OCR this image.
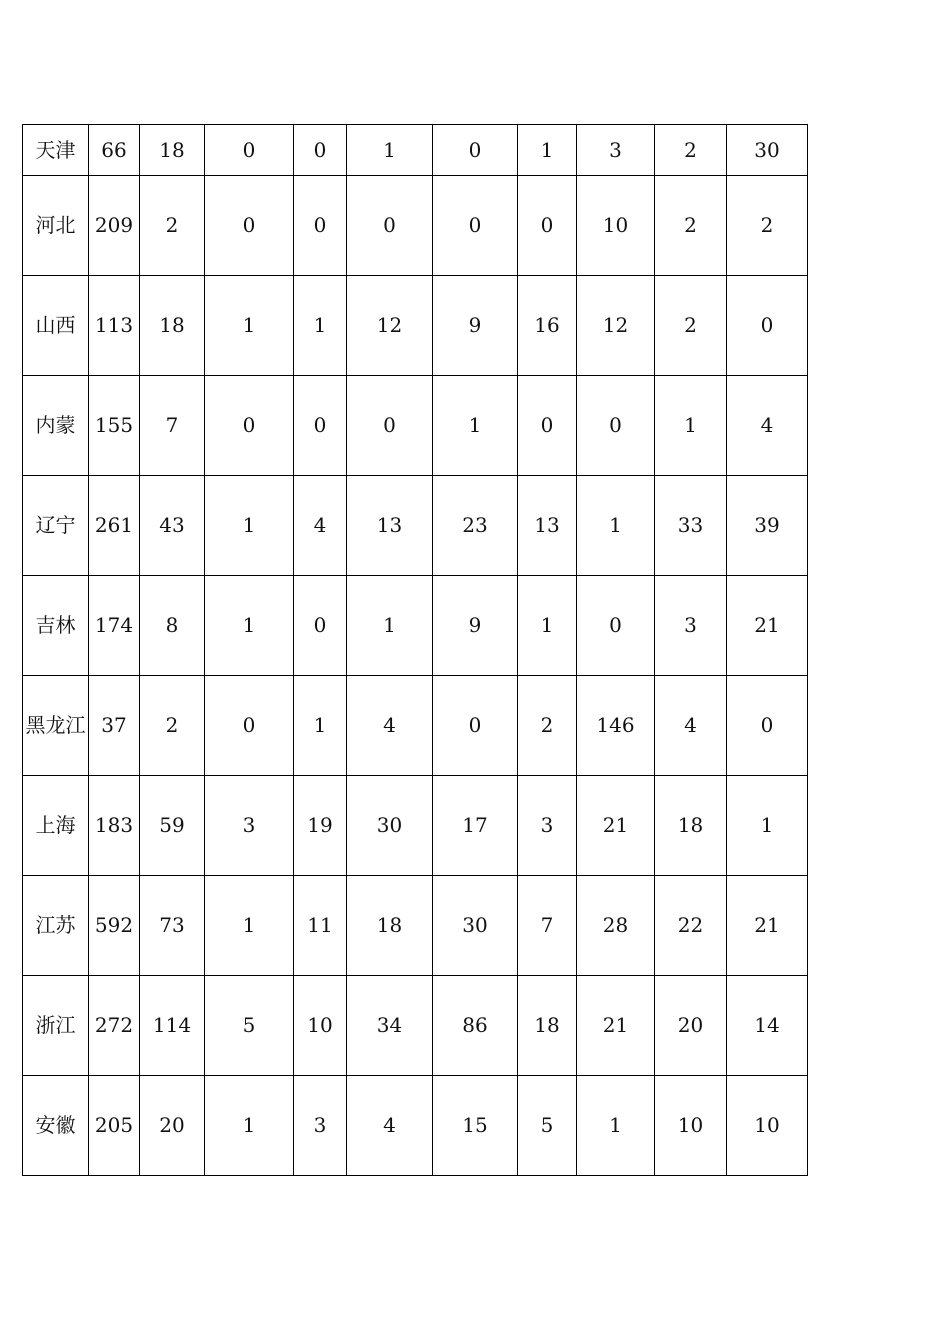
天津	66	18	0	0	1	0	1	3	2	30
河北	209	2	0	0	0	0	0	10	2	2
山西	113	18	1	1	12	9	16	12	2	0
内蒙	155	7	0	0	0	1	0	0	1	4
辽宁	261	43	1	4	13	23	13	1	33	39
吉林	174	8	1	0	1	9	1	0	3	21
黑龙江	37	2	0	1	4	0	2	146	4	0
上海	183	59	3	19	30	17	3	21	18	1
江苏	592	73	1	11	18	30	7	28	22	21
浙江	272	114	5	10	34	86	18	21	20	14
安徽	205	20	1	3	4	15	5	1	10	10
